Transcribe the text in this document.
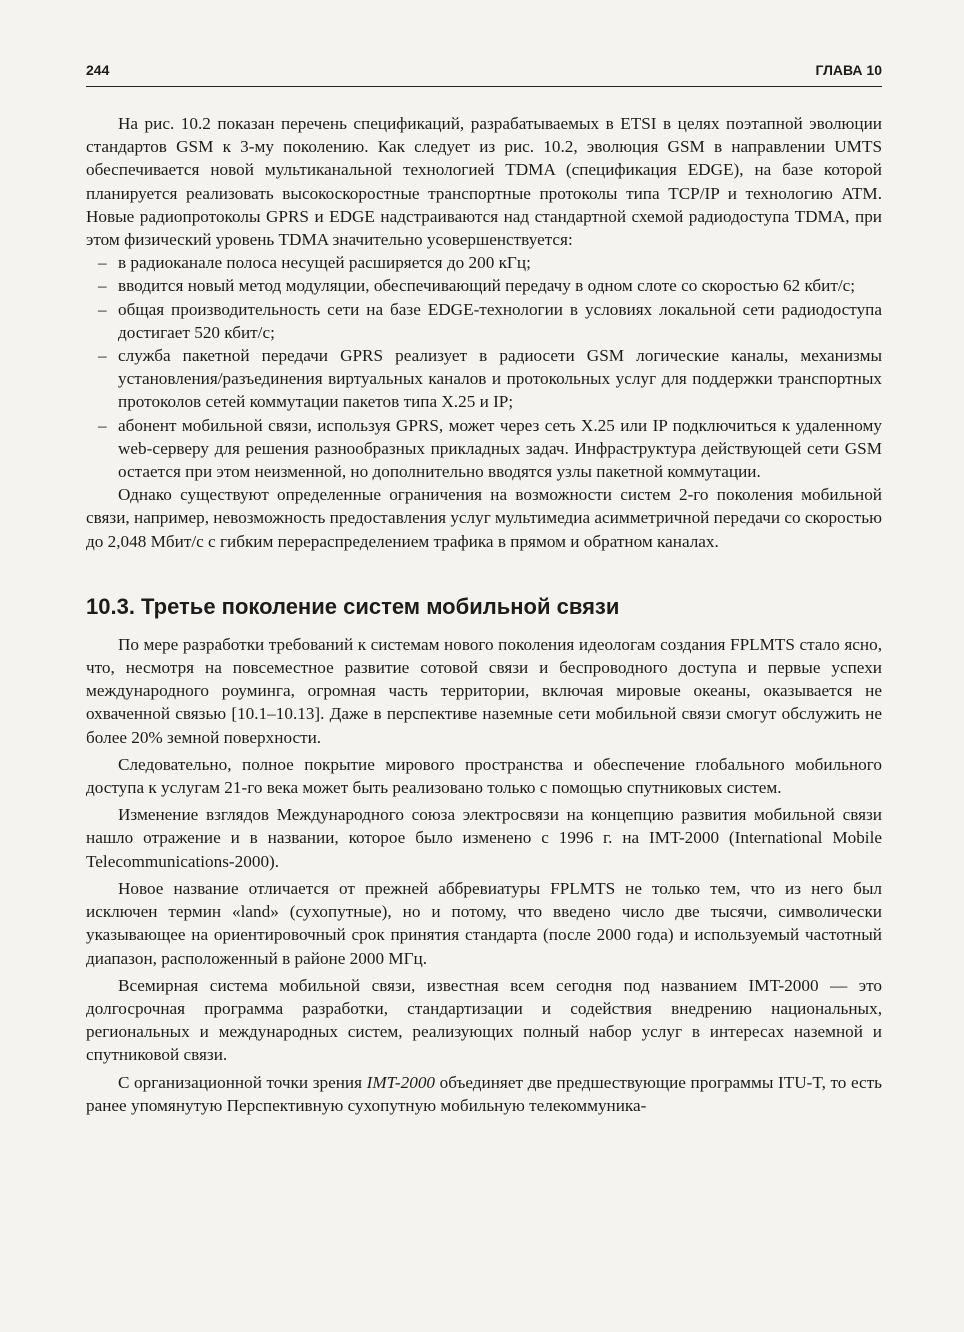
244	ГЛАВА 10

На рис. 10.2 показан перечень спецификаций, разрабатываемых в ETSI в целях поэтапной эволюции стандартов GSM к 3-му поколению. Как следует из рис. 10.2, эволюция GSM в направлении UMTS обеспечивается новой мультиканальной технологией TDMA (спецификация EDGE), на базе которой планируется реализовать высокоскоростные транспортные протоколы типа TCP/IP и технологию ATM. Новые радиопротоколы GPRS и EDGE надстраиваются над стандартной схемой радиодоступа TDMA, при этом физический уровень TDMA значительно усовершенствуется:

– в радиоканале полоса несущей расширяется до 200 кГц;
– вводится новый метод модуляции, обеспечивающий передачу в одном слоте со скоростью 62 кбит/с;
– общая производительность сети на базе EDGE-технологии в условиях локальной сети радиодоступа достигает 520 кбит/с;
– служба пакетной передачи GPRS реализует в радиосети GSM логические каналы, механизмы установления/разъединения виртуальных каналов и протокольных услуг для поддержки транспортных протоколов сетей коммутации пакетов типа X.25 и IP;
– абонент мобильной связи, используя GPRS, может через сеть X.25 или IP подключиться к удаленному web-серверу для решения разнообразных прикладных задач. Инфраструктура действующей сети GSM остается при этом неизменной, но дополнительно вводятся узлы пакетной коммутации.

Однако существуют определенные ограничения на возможности систем 2-го поколения мобильной связи, например, невозможность предоставления услуг мультимедиа асимметричной передачи со скоростью до 2,048 Мбит/с с гибким перераспределением трафика в прямом и обратном каналах.

10.3. Третье поколение систем мобильной связи

По мере разработки требований к системам нового поколения идеологам создания FPLMTS стало ясно, что, несмотря на повсеместное развитие сотовой связи и беспроводного доступа и первые успехи международного роуминга, огромная часть территории, включая мировые океаны, оказывается не охваченной связью [10.1–10.13]. Даже в перспективе наземные сети мобильной связи смогут обслужить не более 20% земной поверхности.

Следовательно, полное покрытие мирового пространства и обеспечение глобального мобильного доступа к услугам 21-го века может быть реализовано только с помощью спутниковых систем.

Изменение взглядов Международного союза электросвязи на концепцию развития мобильной связи нашло отражение и в названии, которое было изменено с 1996 г. на IMT-2000 (International Mobile Telecommunications-2000).

Новое название отличается от прежней аббревиатуры FPLMTS не только тем, что из него был исключен термин «land» (сухопутные), но и потому, что введено число две тысячи, символически указывающее на ориентировочный срок принятия стандарта (после 2000 года) и используемый частотный диапазон, расположенный в районе 2000 МГц.

Всемирная система мобильной связи, известная всем сегодня под названием IMT-2000 — это долгосрочная программа разработки, стандартизации и содействия внедрению национальных, региональных и международных систем, реализующих полный набор услуг в интересах наземной и спутниковой связи.

С организационной точки зрения IMT-2000 объединяет две предшествующие программы ITU-T, то есть ранее упомянутую Перспективную сухопутную мобильную телекоммуника-
